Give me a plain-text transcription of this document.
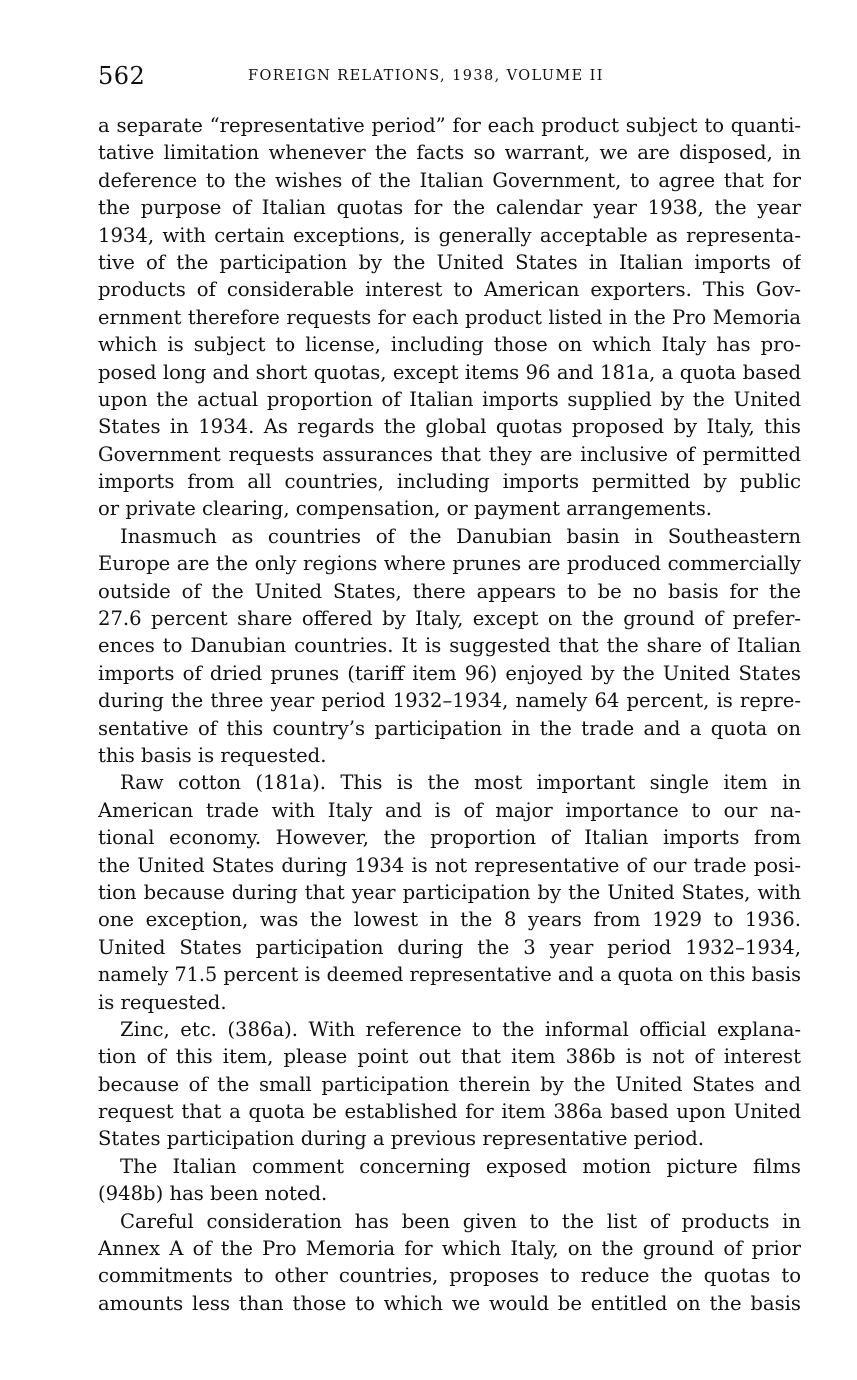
562	FOREIGN RELATIONS, 1938, VOLUME II
a separate “representative period” for each product subject to quanti-
tative limitation whenever the facts so warrant, we are disposed, in
deference to the wishes of the Italian Government, to agree that for
the purpose of Italian quotas for the calendar year 1938, the year
1934, with certain exceptions, is generally acceptable as representa-
tive of the participation by the United States in Italian imports of
products of considerable interest to American exporters. This Gov-
ernment therefore requests for each product listed in the Pro Memoria
which is subject to license, including those on which Italy has pro-
posed long and short quotas, except items 96 and 181a, a quota based
upon the actual proportion of Italian imports supplied by the United
States in 1934. As regards the global quotas proposed by Italy, this
Government requests assurances that they are inclusive of permitted
imports from all countries, including imports permitted by public
or private clearing, compensation, or payment arrangements.
Inasmuch as countries of the Danubian basin in Southeastern
Europe are the only regions where prunes are produced commercially
outside of the United States, there appears to be no basis for the
27.6 percent share offered by Italy, except on the ground of prefer-
ences to Danubian countries. It is suggested that the share of Italian
imports of dried prunes (tariff item 96) enjoyed by the United States
during the three year period 1932–1934, namely 64 percent, is repre-
sentative of this country’s participation in the trade and a quota on
this basis is requested.
Raw cotton (181a). This is the most important single item in
American trade with Italy and is of major importance to our na-
tional economy. However, the proportion of Italian imports from
the United States during 1934 is not representative of our trade posi-
tion because during that year participation by the United States, with
one exception, was the lowest in the 8 years from 1929 to 1936.
United States participation during the 3 year period 1932–1934,
namely 71.5 percent is deemed representative and a quota on this basis
is requested.
Zinc, etc. (386a). With reference to the informal official explana-
tion of this item, please point out that item 386b is not of interest
because of the small participation therein by the United States and
request that a quota be established for item 386a based upon United
States participation during a previous representative period.
The Italian comment concerning exposed motion picture films
(948b) has been noted.
Careful consideration has been given to the list of products in
Annex A of the Pro Memoria for which Italy, on the ground of prior
commitments to other countries, proposes to reduce the quotas to
amounts less than those to which we would be entitled on the basis
